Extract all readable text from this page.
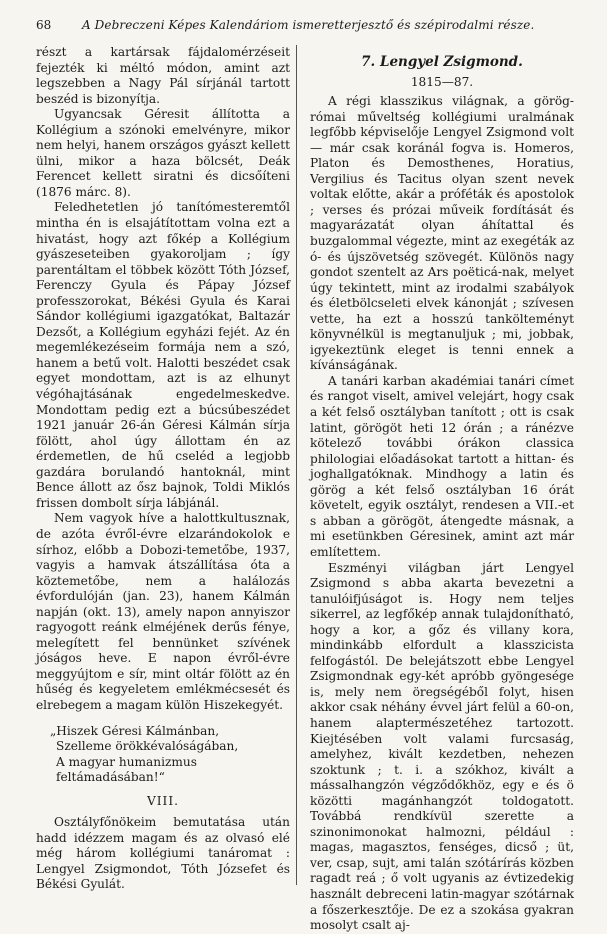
68	A Debreczeni Képes Kalendáriom ismeretterjesztő és szépirodalmi része.

részt a kartársak fájdalomérzéseit fejezték ki méltó módon, amint azt legszebben a Nagy Pál sírjánál tartott beszéd is bizonyítja.

Ugyancsak Géresit állította a Kollégium a szónoki emelvényre, mikor nem helyi, hanem országos gyászt kellett ülni, mikor a haza bölcsét, Deák Ferencet kellett siratni és dicsőíteni (1876 márc. 8).

Feledhetetlen jó tanítómesteremtől mintha én is elsajátítottam volna ezt a hivatást, hogy azt főkép a Kollégium gyászeseteiben gyakoroljam ; így parentáltam el többek között Tóth József, Ferenczy Gyula és Pápay József professzorokat, Békési Gyula és Karai Sándor kollégiumi igazgatókat, Baltazár Dezsőt, a Kollégium egyházi fejét. Az én megemlékezéseim formája nem a szó, hanem a betű volt. Halotti beszédet csak egyet mondottam, azt is az elhunyt végóhajtásának engedelmeskedve. Mondottam pedig ezt a búcsúbeszédet 1921 január 26-án Géresi Kálmán sírja fölött, ahol úgy állottam én az érdemetlen, de hű cseléd a legjobb gazdára borulandó hantoknál, mint Bence állott az ősz bajnok, Toldi Miklós frissen dombolt sírja lábjánál.

Nem vagyok híve a halottkultusznak, de azóta évről-évre elzarándokolok e sírhoz, előbb a Dobozi-temetőbe, 1937, vagyis a hamvak átszállítása óta a köztemetőbe, nem a halálozás évfordulóján (jan. 23), hanem Kálmán napján (okt. 13), amely napon annyiszor ragyogott reánk elméjének derűs fénye, melegített fel bennünket szívének jóságos heve. E napon évről-évre meggyújtom e sír, mint oltár fölött az én hűség és kegyeletem emlékmécsesét és elrebegem a magam külön Hiszekegyét.

„Hiszek Géresi Kálmánban,
Szelleme örökkévalóságában,
A magyar humanizmus feltámadásában!“
VIII.

Osztályfőnökeim bemutatása után hadd idézzem magam és az olvasó elé még három kollégiumi tanáromat : Lengyel Zsigmondot, Tóth Józsefet és Békési Gyulát.

7. Lengyel Zsigmond.
1815—87.

A régi klasszikus világnak, a görög-római műveltség kollégiumi uralmának legfőbb képviselője Lengyel Zsigmond volt — már csak koránál fogva is. Homeros, Platon és Demosthenes, Horatius, Vergilius és Tacitus olyan szent nevek voltak előtte, akár a próféták és apostolok ; verses és prózai műveik fordítását és magyarázatát olyan áhítattal és buzgalommal végezte, mint az exegéták az ó- és újszövetség szövegét. Különös nagy gondot szentelt az Ars poëticá-nak, melyet úgy tekintett, mint az irodalmi szabályok és életbölcseleti elvek kánonját ; szívesen vette, ha ezt a hosszú tankölteményt könyvnélkül is megtanuljuk ; mi, jobbak, igyekeztünk eleget is tenni ennek a kívánságának.

A tanári karban akadémiai tanári címet és rangot viselt, amivel velejárt, hogy csak a két felső osztályban tanított ; ott is csak latint, görögöt heti 12 órán ; a ránézve kötelező további órákon classica philologiai előadásokat tartott a hittan- és joghallgatóknak. Mindhogy a latin és görög a két felső osztályban 16 órát követelt, egyik osztályt, rendesen a VII.-et s abban a görögöt, átengedte másnak, a mi esetünkben Géresinek, amint azt már említettem.

Eszményi világban járt Lengyel Zsigmond s abba akarta bevezetni a tanulóifjúságot is. Hogy nem teljes sikerrel, az legfőkép annak tulajdonítható, hogy a kor, a gőz és villany kora, mindinkább elfordult a klasszicista felfogástól. De belejátszott ebbe Lengyel Zsigmondnak egy-két apróbb gyöngesége is, mely nem öregségéből folyt, hisen akkor csak néhány évvel járt felül a 60-on, hanem alaptermészetéhez tartozott. Kiejtésében volt valami furcsaság, amelyhez, kivált kezdetben, nehezen szoktunk ; t. i. a szókhoz, kivált a mássalhangzón végződőkhöz, egy e és ö közötti magánhangzót toldogatott. Továbbá rendkívül szerette a szinonimonokat halmozni, például : magas, magasztos, fenséges, dicső ; üt, ver, csap, sujt, ami talán szótárírás közben ragadt reá ; ő volt ugyanis az évtizedekig használt debreceni latin-magyar szótárnak a főszerkesztője. De ez a szokása gyakran mosolyt csalt aj-
